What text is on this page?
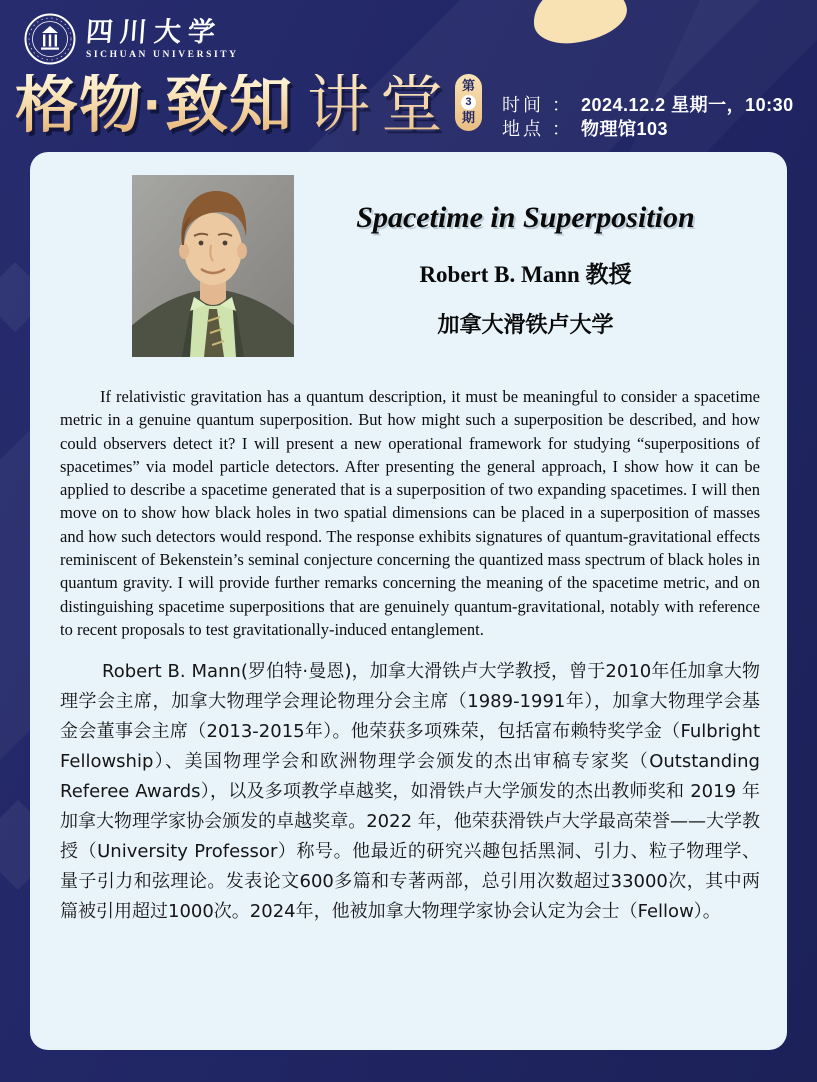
四川大学
SICHUAN UNIVERSITY
格物·致知 讲堂 第
3
期
时间 ： 2024.12.2 星期一，10:30
地点 ： 物理馆103
Spacetime in Superposition
Robert B. Mann 教授
加拿大滑铁卢大学

If relativistic gravitation has a quantum description, it must be meaningful to consider a spacetime metric in a genuine quantum superposition. But how might such a superposition be described, and how could observers detect it? I will present a new operational framework for studying “superpositions of spacetimes” via model particle detectors. After presenting the general approach, I show how it can be applied to describe a spacetime generated that is a superposition of two expanding spacetimes. I will then move on to show how black holes in two spatial dimensions can be placed in a superposition of masses and how such detectors would respond. The response exhibits signatures of quantum-gravitational effects reminiscent of Bekenstein’s seminal conjecture concerning the quantized mass spectrum of black holes in quantum gravity. I will provide further remarks concerning the meaning of the spacetime metric, and on distinguishing spacetime superpositions that are genuinely quantum-gravitational, notably with reference to recent proposals to test gravitationally-induced entanglement.

Robert B. Mann(罗伯特·曼恩)，加拿大滑铁卢大学教授，曾于2010年任加拿大物理学会主席，加拿大物理学会理论物理分会主席（1989-1991年），加拿大物理学会基金会董事会主席（2013-2015年）。他荣获多项殊荣，包括富布赖特奖学金（Fulbright Fellowship）、美国物理学会和欧洲物理学会颁发的杰出审稿专家奖（Outstanding Referee Awards），以及多项教学卓越奖，如滑铁卢大学颁发的杰出教师奖和 2019 年加拿大物理学家协会颁发的卓越奖章。2022 年，他荣获滑铁卢大学最高荣誉——大学教授（University Professor）称号。他最近的研究兴趣包括黑洞、引力、粒子物理学、量子引力和弦理论。发表论文600多篇和专著两部，总引用次数超过33000次，其中两篇被引用超过1000次。2024年，他被加拿大物理学家协会认定为会士（Fellow）。
